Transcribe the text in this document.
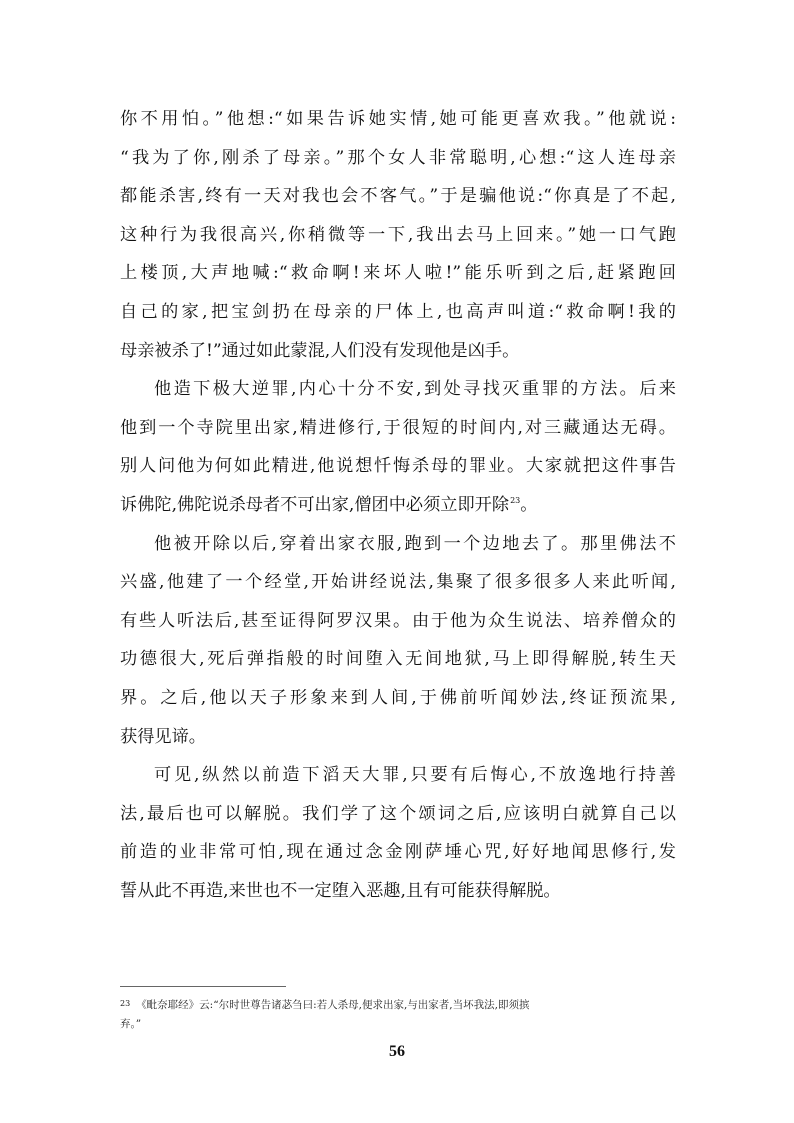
你不用怕。”他想:“如果告诉她实情,她可能更喜欢我。”他就说:
“我为了你,刚杀了母亲。”那个女人非常聪明,心想:“这人连母亲
都能杀害,终有一天对我也会不客气。”于是骗他说:“你真是了不起,
这种行为我很高兴,你稍微等一下,我出去马上回来。”她一口气跑
上楼顶,大声地喊:“救命啊!来坏人啦!”能乐听到之后,赶紧跑回
自己的家,把宝剑扔在母亲的尸体上,也高声叫道:“救命啊!我的
母亲被杀了!”通过如此蒙混,人们没有发现他是凶手。
他造下极大逆罪,内心十分不安,到处寻找灭重罪的方法。后来
他到一个寺院里出家,精进修行,于很短的时间内,对三藏通达无碍。
别人问他为何如此精进,他说想忏悔杀母的罪业。大家就把这件事告
诉佛陀,佛陀说杀母者不可出家,僧团中必须立即开除$^{23}$。
他被开除以后,穿着出家衣服,跑到一个边地去了。那里佛法不
兴盛,他建了一个经堂,开始讲经说法,集聚了很多很多人来此听闻,
有些人听法后,甚至证得阿罗汉果。由于他为众生说法、培养僧众的
功德很大,死后弹指般的时间堕入无间地狱,马上即得解脱,转生天
界。之后,他以天子形象来到人间,于佛前听闻妙法,终证预流果,
获得见谛。
可见,纵然以前造下滔天大罪,只要有后悔心,不放逸地行持善
法,最后也可以解脱。我们学了这个颂词之后,应该明白就算自己以
前造的业非常可怕,现在通过念金刚萨埵心咒,好好地闻思修行,发
誓从此不再造,来世也不一定堕入恶趣,且有可能获得解脱。
23 《毗奈耶经》云:“尔时世尊告诸苾刍曰:若人杀母,便求出家,与出家者,当坏我法,即须摈
弃。”
56
